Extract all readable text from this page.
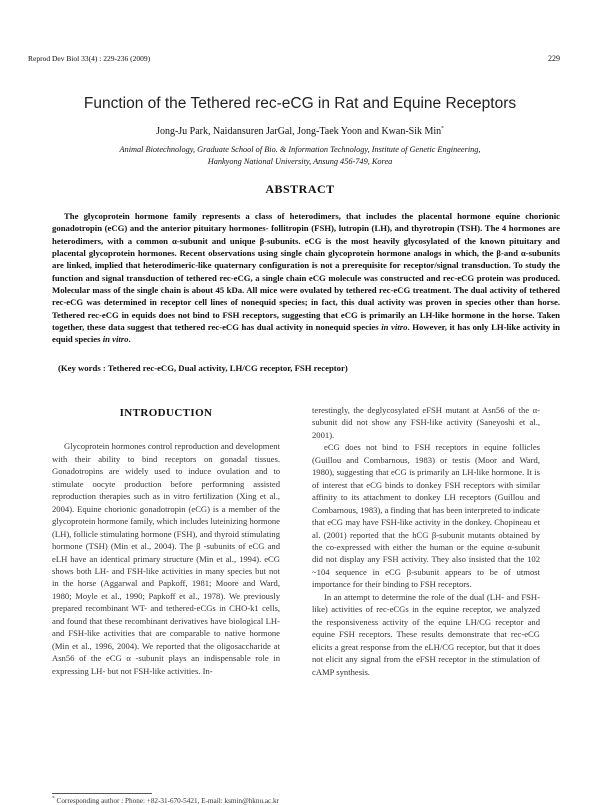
Reprod Dev Biol 33(4) : 229-236 (2009)	229
Function of the Tethered rec-eCG in Rat and Equine Receptors
Jong-Ju Park, Naidansuren JarGal, Jong-Taek Yoon and Kwan-Sik Min*
Animal Biotechnology, Graduate School of Bio. & Information Technology, Institute of Genetic Engineering,
Hankyong National University, Ansung 456-749, Korea
ABSTRACT
The glycoprotein hormone family represents a class of heterodimers, that includes the placental hormone equine chorionic gonadotropin (eCG) and the anterior pituitary hormones- follitropin (FSH), lutropin (LH), and thyrotropin (TSH). The 4 hormones are heterodimers, with a common α-subunit and unique β-subunits. eCG is the most heavily glycosylated of the known pituitary and placental glycoprotein hormones. Recent observations using single chain glycoprotein hormone analogs in which, the β-and α-subunits are linked, implied that heterodimeric-like quaternary configuration is not a prerequisite for receptor/signal transduction. To study the function and signal transduction of tethered rec-eCG, a single chain eCG molecule was constructed and rec-eCG protein was produced. Molecular mass of the single chain is about 45 kDa. All mice were ovulated by tethered rec-eCG treatment. The dual activity of tethered rec-eCG was determined in receptor cell lines of nonequid species; in fact, this dual activity was proven in species other than horse. Tethered rec-eCG in equids does not bind to FSH receptors, suggesting that eCG is primarily an LH-like hormone in the horse. Taken together, these data suggest that tethered rec-eCG has dual activity in nonequid species in vitro. However, it has only LH-like activity in equid species in vitro.
(Key words : Tethered rec-eCG, Dual activity, LH/CG receptor, FSH receptor)
INTRODUCTION

Glycoprotein hormones control reproduction and development with their ability to bind receptors on gonadal tissues. Gonadotropins are widely used to induce ovulation and to stimulate oocyte production before performning assisted reproduction therapies such as in vitro fertilization (Xing et al., 2004). Equine chorionic gonadotropin (eCG) is a member of the glycoprotein hormone family, which includes luteinizing hormone (LH), follicle stimulating hormone (FSH), and thyroid stimulating hormone (TSH) (Min et al., 2004). The β -subunits of eCG and eLH have an identical primary structure (Min et al., 1994). eCG shows both LH- and FSH-like activities in many species but not in the horse (Aggarwal and Papkoff, 1981; Moore and Ward, 1980; Moyle et al., 1990; Papkoff et al., 1978). We previously prepared recombinant WT- and tethered-eCGs in CHO-k1 cells, and found that these recombinant derivatives have biological LH- and FSH-like activities that are comparable to native hormone (Min et al., 1996, 2004). We reported that the oligosaccharide at Asn56 of the eCG α -subunit plays an indispensable role in expressing LH- but not FSH-like activities. In-

terestingly, the deglycosylated eFSH mutant at Asn56 of the α-subunit did not show any FSH-like activity (Saneyoshi et al., 2001).

eCG does not bind to FSH receptors in equine follicles (Guillou and Combarnous, 1983) or testis (Moor and Ward, 1980), suggesting that eCG is primarily an LH-like hormone. It is of interest that eCG binds to donkey FSH receptors with similar affinity to its attachment to donkey LH receptors (Guillou and Combarnous, 1983), a finding that has been interpreted to indicate that eCG may have FSH-like activity in the donkey. Chopineau et al. (2001) reported that the hCG β-subunit mutants obtained by the co-expressed with either the human or the equine α-subunit did not display any FSH activity. They also insisted that the 102 ~104 sequence in eCG β-subunit appears to be of utmost importance for their binding to FSH receptors.

In an attempt to determine the role of the dual (LH- and FSH-like) activities of rec-eCGs in the equine receptor, we analyzed the responsiveness activity of the equine LH/CG receptor and equine FSH receptors. These results demonstrate that rec-eCG elicits a great response from the eLH/CG receptor, but that it does not elicit any signal from the eFSH receptor in the stimulation of cAMP synthesis.

* Corresponding author : Phone: +82-31-670-5421, E-mail: ksmin@hknu.ac.kr
